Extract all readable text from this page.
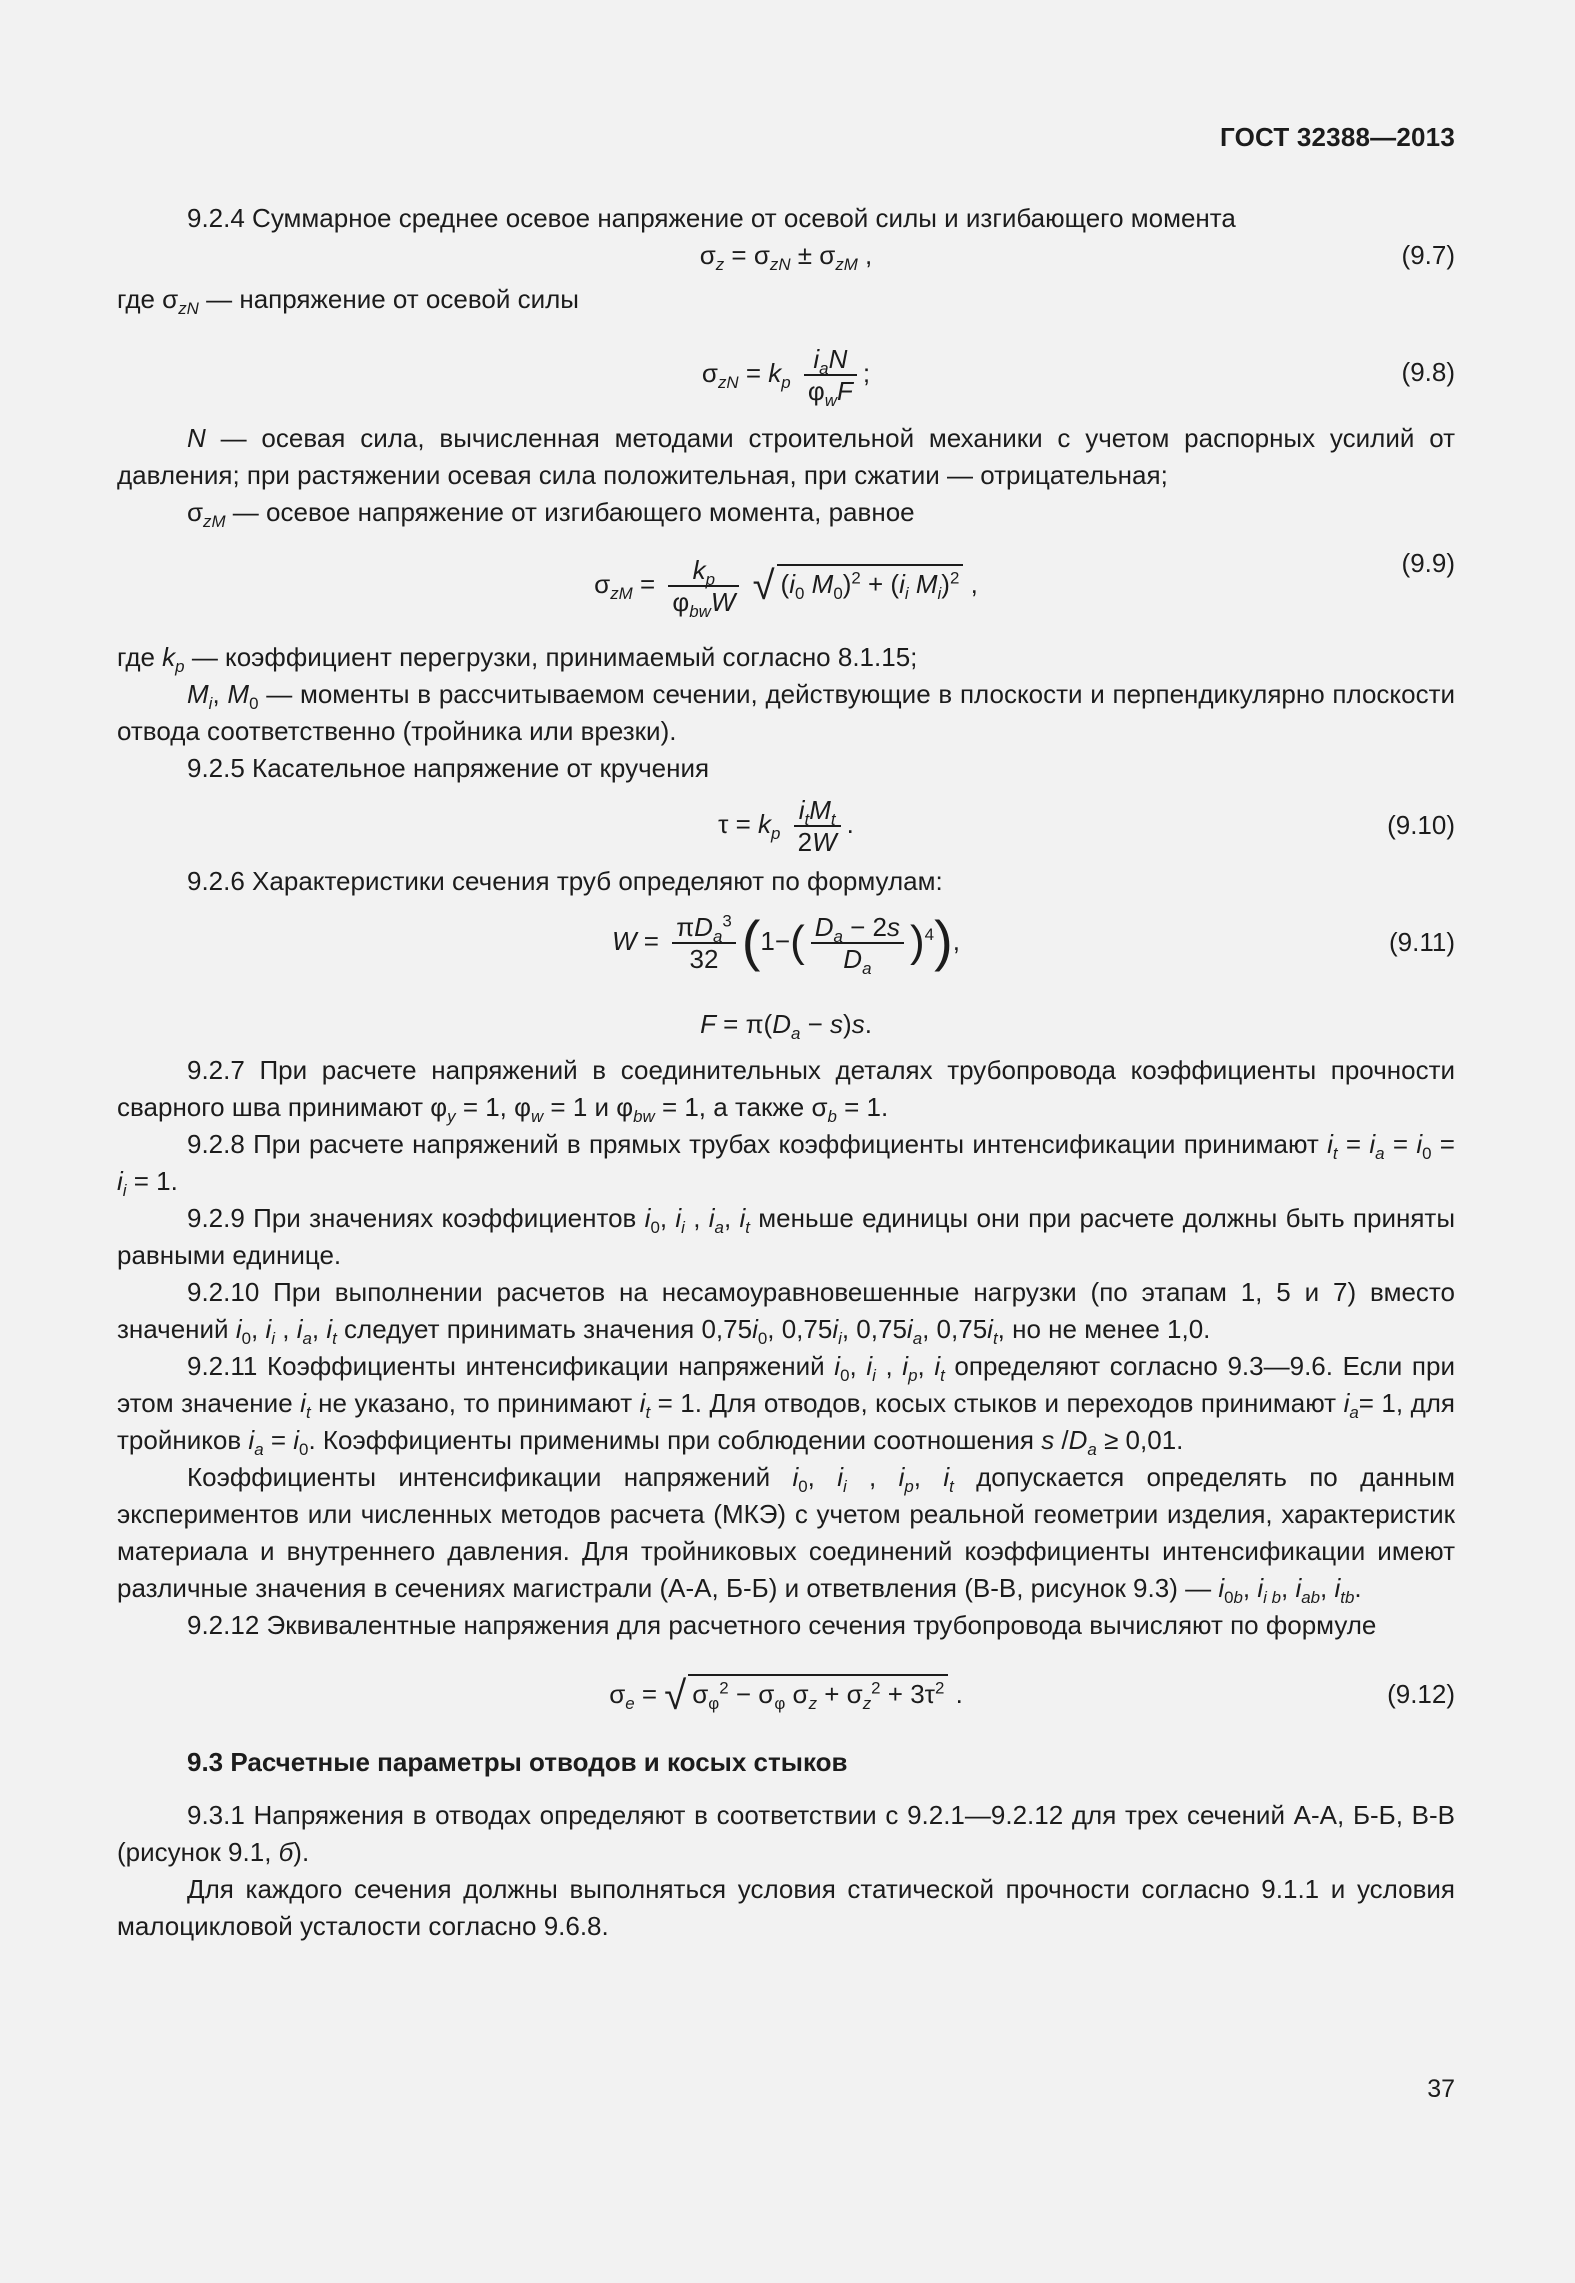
ГОСТ 32388—2013

9.2.4 Суммарное среднее осевое напряжение от осевой силы и изгибающего момента

$\sigma_z = \sigma_{zN} \pm \sigma_{zM}$ ,	(9.7)

где $\sigma_{zN}$ — напряжение от осевой силы

$\sigma_{zN} = k_p \frac{i_aN}{\varphi_wF}$ ;	(9.8)

N — осевая сила, вычисленная методами строительной механики с учетом распорных усилий от давления; при растяжении осевая сила положительная, при сжатии — отрицательная;

$\sigma_{zM}$ — осевое напряжение от изгибающего момента, равное

$\sigma_{zM} = \frac{k_p}{\varphi_{bw}W}$ √ ($i_0$ $M_0)^2 + (i_i$ $M_i)^2$ ,
(9.9)

где $k_p$ — коэффициент перегрузки, принимаемый согласно 8.1.15;

$M_i$, $M_0$ — моменты в рассчитываемом сечении, действующие в плоскости и перпендикулярно плоскости отвода соответственно (тройника или врезки).

9.2.5 Касательное напряжение от кручения

$\tau = k_p \frac{i_tM_t}{2W}$ .	(9.10)

9.2.6 Характеристики сечения труб определяют по формулам:

$W = \frac{\pi D_a^3}{32} (1-( \frac{D_a - 2s}{D_a} )^4)$,	(9.11)
$F = \pi(D_a - s)s$.

9.2.7 При расчете напряжений в соединительных деталях трубопровода коэффициенты прочности сварного шва принимают $\varphi_y = 1$, $\varphi_w = 1$ и $\varphi_{bw} = 1$, а также $\sigma_b = 1$.

9.2.8 При расчете напряжений в прямых трубах коэффициенты интенсификации принимают $i_t = i_a = i_0 = i_i = 1$.

9.2.9 При значениях коэффициентов $i_0$, $i_i$ , $i_a$, $i_t$ меньше единицы они при расчете должны быть приняты равными единице.

9.2.10 При выполнении расчетов на несамоуравновешенные нагрузки (по этапам 1, 5 и 7) вместо значений $i_0$, $i_i$ , $i_a$, $i_t$ следует принимать значения $0,75i_0$, $0,75i_i$, $0,75i_a$, $0,75i_t$, но не менее 1,0.

9.2.11 Коэффициенты интенсификации напряжений $i_0$, $i_i$ , $i_p$, $i_t$ определяют согласно 9.3—9.6. Если при этом значение $i_t$ не указано, то принимают $i_t = 1$. Для отводов, косых стыков и переходов принимают $i_a= 1$, для тройников $i_a = i_0$. Коэффициенты применимы при соблюдении соотношения s $/D_a \ge 0,01$.

Коэффициенты интенсификации напряжений $i_0$, $i_i$ , $i_p$, $i_t$ допускается определять по данным экспериментов или численных методов расчета (МКЭ) с учетом реальной геометрии изделия, характеристик материала и внутреннего давления. Для тройниковых соединений коэффициенты интенсификации имеют различные значения в сечениях магистрали (А-А, Б-Б) и ответвления (В-В, рисунок 9.3) — $i_{0b}$, $i_{i b}$, $i_{ab}$, $i_{tb}$.

9.2.12 Эквивалентные напряжения для расчетного сечения трубопровода вычисляют по формуле

$\sigma_e$ = √ $\sigma_\varphi^2 - \sigma_\varphi$ $\sigma_z + \sigma_z^2 + 3\tau^2$ .	(9.12)

9.3 Расчетные параметры отводов и косых стыков

9.3.1 Напряжения в отводах определяют в соответствии с 9.2.1—9.2.12 для трех сечений А-А, Б-Б, В-В (рисунок 9.1, б).

Для каждого сечения должны выполняться условия статической прочности согласно 9.1.1 и условия малоцикловой усталости согласно 9.6.8.

37
